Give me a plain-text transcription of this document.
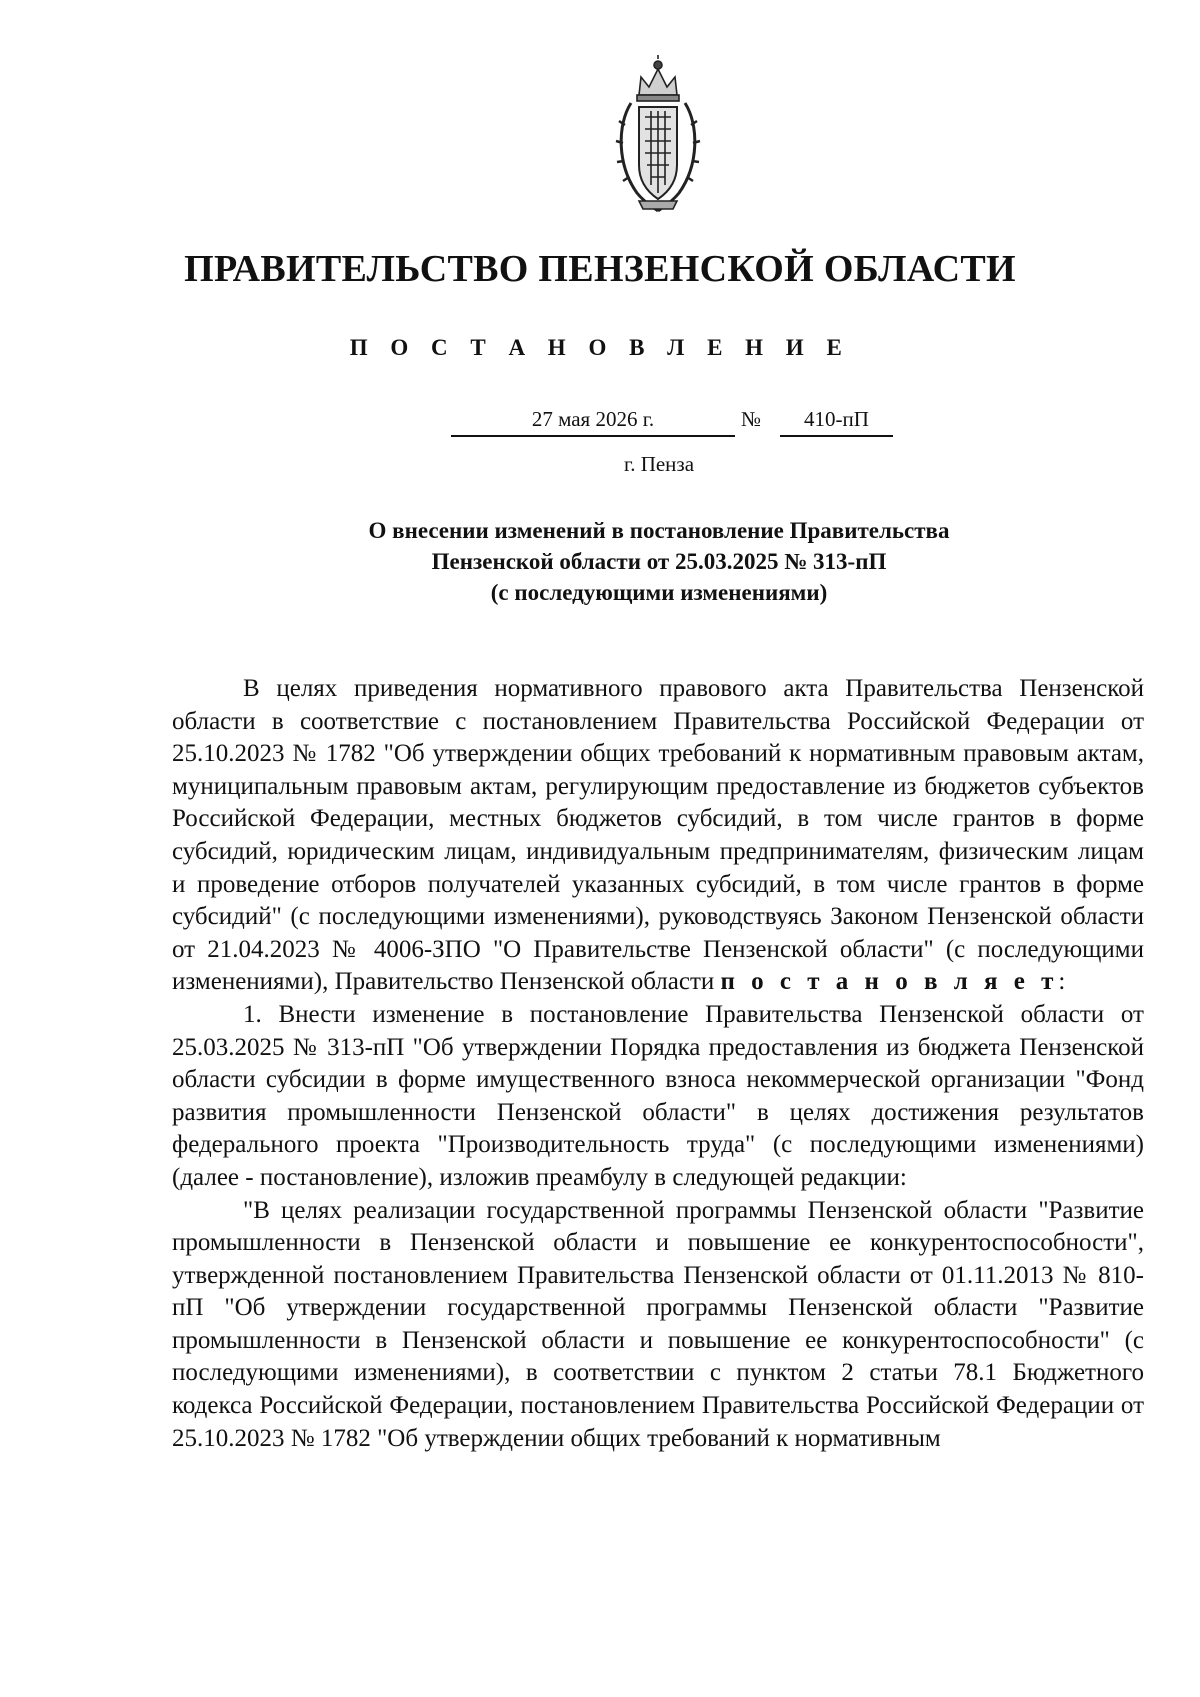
ПРАВИТЕЛЬСТВО ПЕНЗЕНСКОЙ ОБЛАСТИ
П О С Т А Н О В Л Е Н И Е
27 мая 2026 г.	№	410-пП
г. Пенза
О внесении изменений в постановление Правительства
Пензенской области от 25.03.2025 № 313-пП
(с последующими изменениями)

В целях приведения нормативного правового акта Правительства Пензенской области в соответствие с постановлением Правительства Российской Федерации от 25.10.2023 № 1782 "Об утверждении общих требований к нормативным правовым актам, муниципальным правовым актам, регулирующим предоставление из бюджетов субъектов Российской Федерации, местных бюджетов субсидий, в том числе грантов в форме субсидий, юридическим лицам, индивидуальным предпринимателям, физическим лицам и проведение отборов получателей указанных субсидий, в том числе грантов в форме субсидий" (с последующими изменениями), руководствуясь Законом Пензенской области от 21.04.2023 № 4006-ЗПО "О Правительстве Пензенской области" (с последующими изменениями), Правительство Пензенской области п о с т а н о в л я е т:

1. Внести изменение в постановление Правительства Пензенской области от 25.03.2025 № 313-пП "Об утверждении Порядка предоставления из бюджета Пензенской области субсидии в форме имущественного взноса некоммерческой организации "Фонд развития промышленности Пензенской области" в целях достижения результатов федерального проекта "Производительность труда" (с последующими изменениями) (далее - постановление), изложив преамбулу в следующей редакции:

"В целях реализации государственной программы Пензенской области "Развитие промышленности в Пензенской области и повышение ее конкурентоспособности", утвержденной постановлением Правительства Пензенской области от 01.11.2013 № 810-пП "Об утверждении государственной программы Пензенской области "Развитие промышленности в Пензенской области и повышение ее конкурентоспособности" (с последующими изменениями), в соответствии с пунктом 2 статьи 78.1 Бюджетного кодекса Российской Федерации, постановлением Правительства Российской Федерации от 25.10.2023 № 1782 "Об утверждении общих требований к нормативным
